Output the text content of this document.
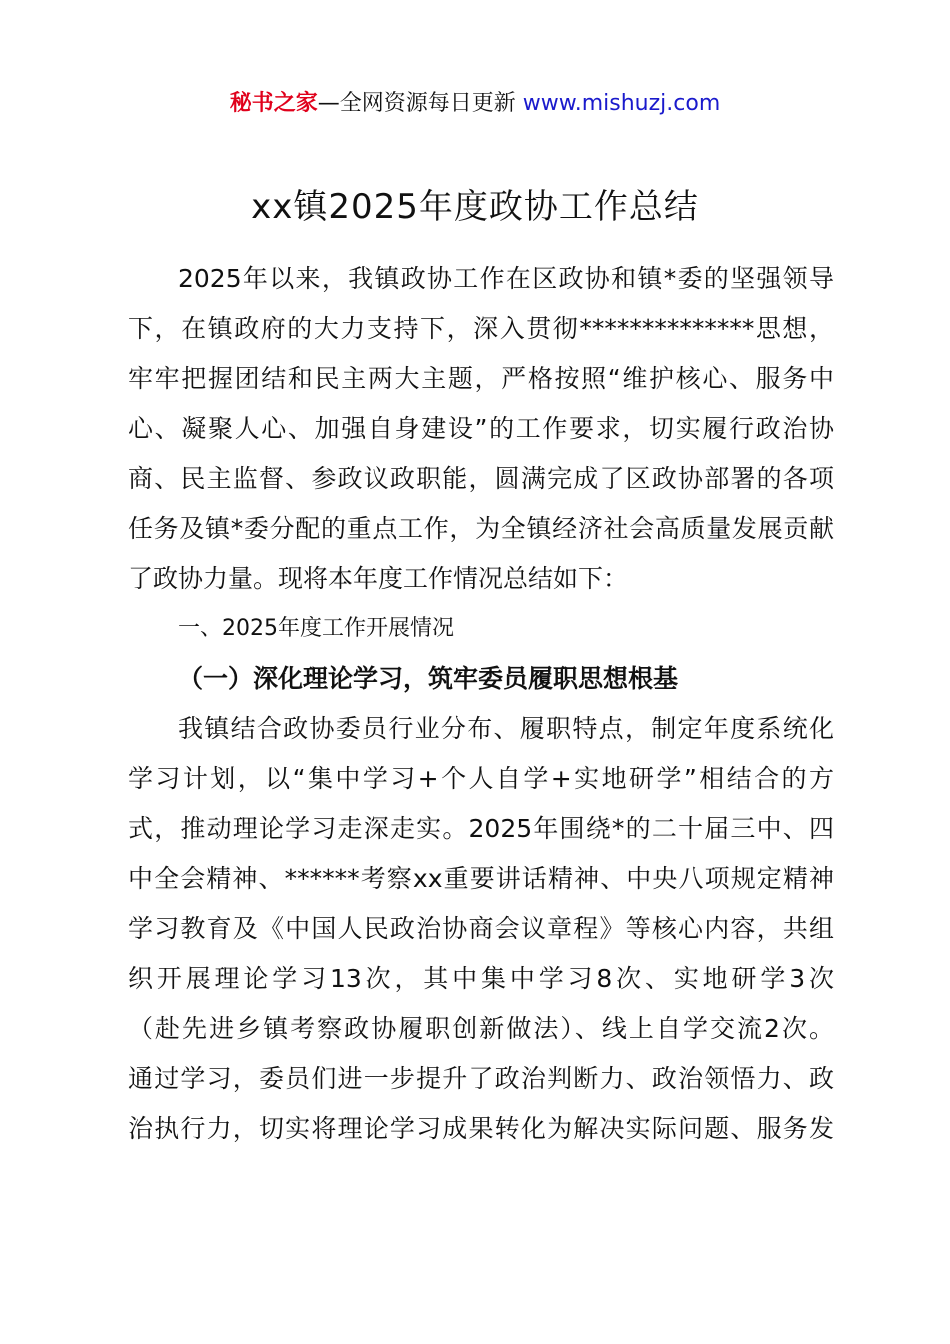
秘书之家—全网资源每日更新 www.mishuzj.com
xx镇2025年度政协工作总结
2025年以来，我镇政协工作在区政协和镇*委的坚强领导
下，在镇政府的大力支持下，深入贯彻**************思想，
牢牢把握团结和民主两大主题，严格按照“维护核心、服务中
心、凝聚人心、加强自身建设”的工作要求，切实履行政治协
商、民主监督、参政议政职能，圆满完成了区政协部署的各项
任务及镇*委分配的重点工作，为全镇经济社会高质量发展贡献
了政协力量。现将本年度工作情况总结如下：
一、2025年度工作开展情况
（一）深化理论学习，筑牢委员履职思想根基
我镇结合政协委员行业分布、履职特点，制定年度系统化
学习计划，以“集中学习+个人自学+实地研学”相结合的方
式，推动理论学习走深走实。2025年围绕*的二十届三中、四
中全会精神、******考察xx重要讲话精神、中央八项规定精神
学习教育及《中国人民政治协商会议章程》等核心内容，共组
织开展理论学习13次，其中集中学习8次、实地研学3次
（赴先进乡镇考察政协履职创新做法）、线上自学交流2次。
通过学习，委员们进一步提升了政治判断力、政治领悟力、政
治执行力，切实将理论学习成果转化为解决实际问题、服务发
